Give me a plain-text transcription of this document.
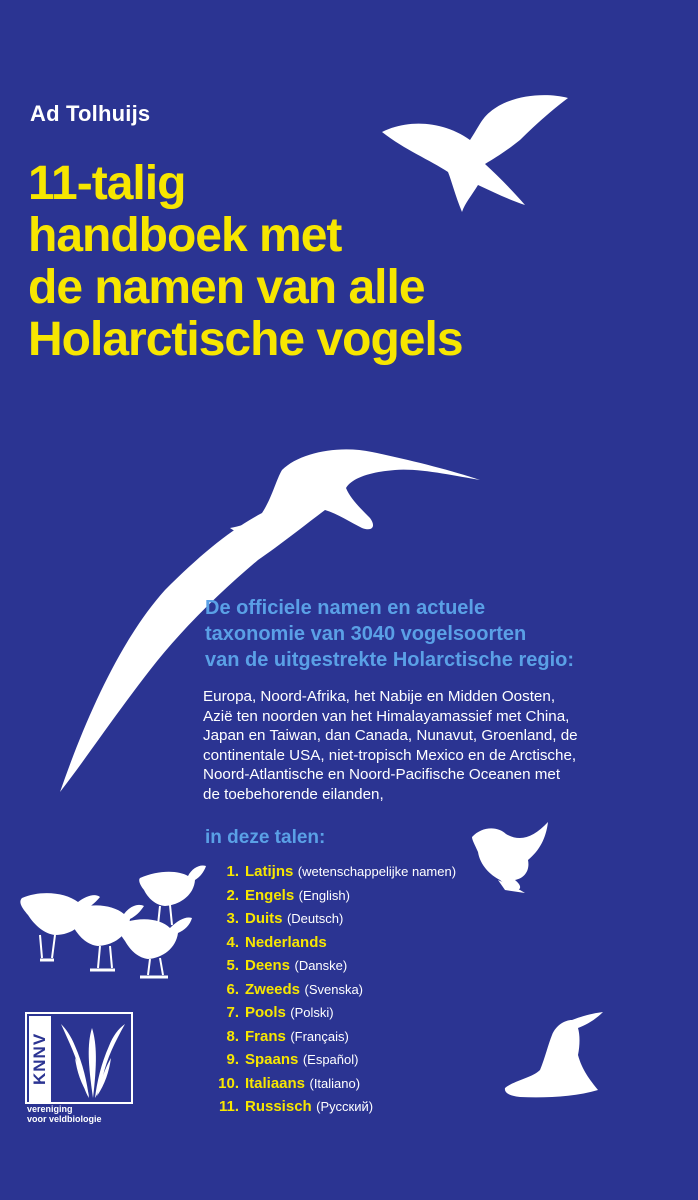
Ad Tolhuijs
11-talig
handboek met
de namen van alle
Holarctische vogels
De officiele namen en actuele
taxonomie van 3040 vogelsoorten
van de uitgestrekte Holarctische regio:
Europa, Noord-Afrika, het Nabije en Midden Oosten,
Azië ten noorden van het Himalayamassief met China,
Japan en Taiwan, dan Canada, Nunavut, Groenland, de
continentale USA, niet-tropisch Mexico en de Arctische,
Noord-Atlantische en Noord-Pacifische Oceanen met
de toebehorende eilanden,
in deze talen:
1. Latijns (wetenschappelijke namen)
2. Engels (English)
3. Duits (Deutsch)
4. Nederlands
5. Deens (Danske)
6. Zweeds (Svenska)
7. Pools (Polski)
8. Frans (Français)
9. Spaans (Español)
10. Italiaans (Italiano)
11. Russisch (Русский)
KNNV
vereniging
voor veldbiologie
